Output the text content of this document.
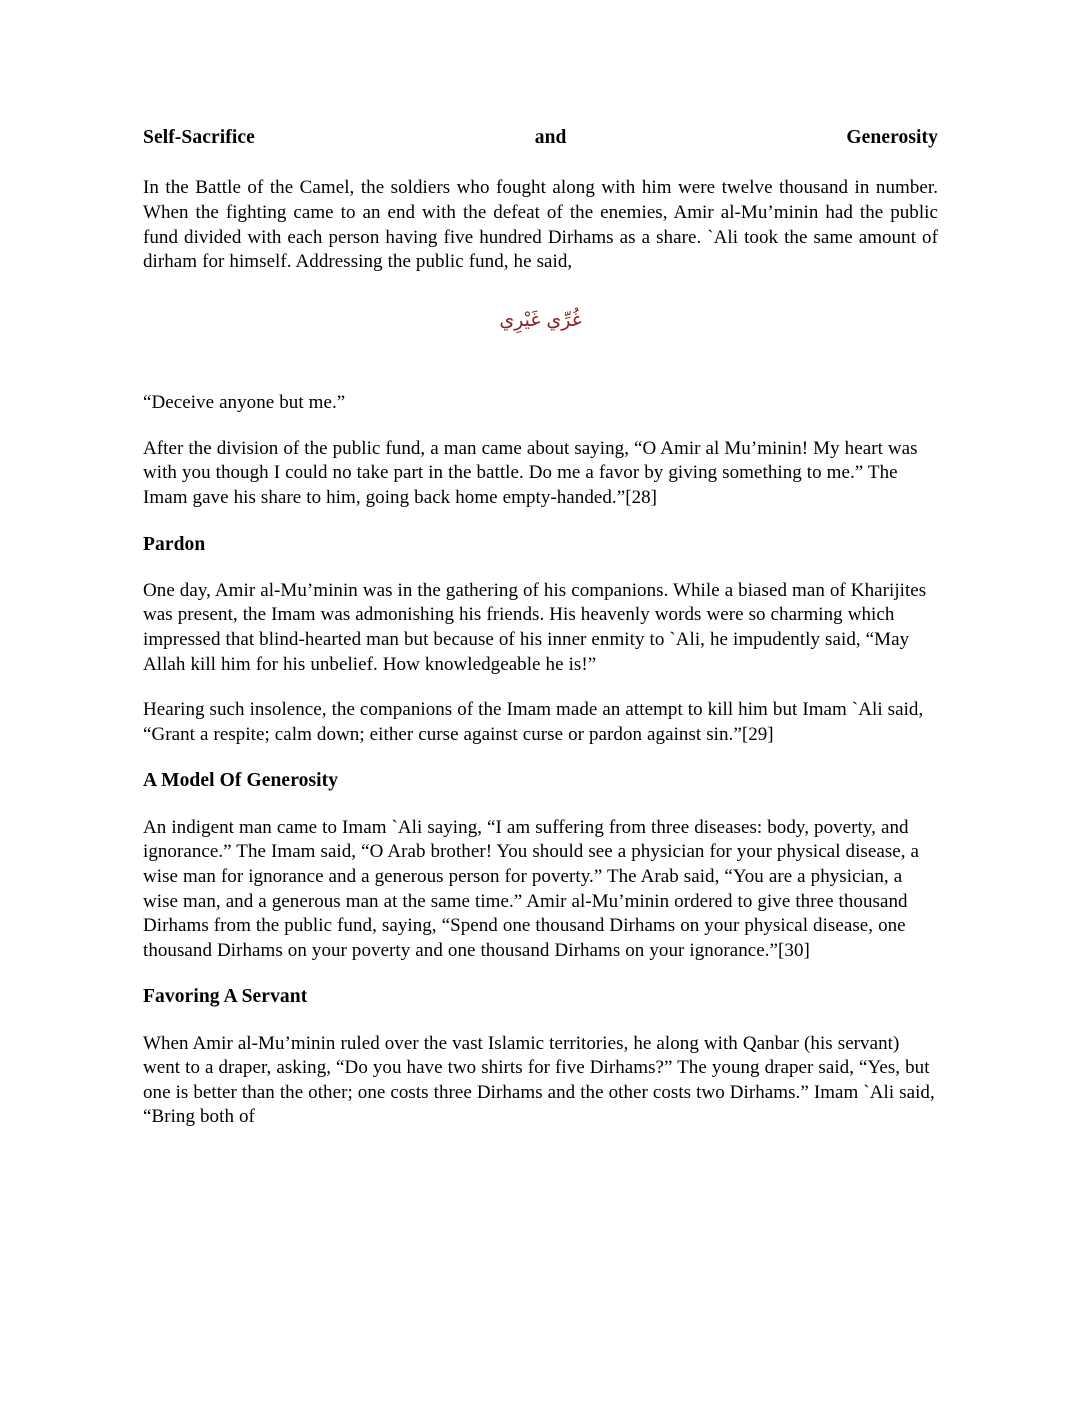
Self-Sacrifice	and	Generosity

In the Battle of the Camel, the soldiers who fought along with him were twelve thousand in number. When the fighting came to an end with the defeat of the enemies, Amir al-Mu’minin had the public fund divided with each person having five hundred Dirhams as a share. `Ali took the same amount of dirham for himself. Addressing the public fund, he said,

غُرِّي غَيْرِي

“Deceive anyone but me.”

After the division of the public fund, a man came about saying, “O Amir al Mu’minin! My heart was with you though I could no take part in the battle. Do me a favor by giving something to me.” The Imam gave his share to him, going back home empty-handed.”[28]

Pardon

One day, Amir al-Mu’minin was in the gathering of his companions. While a biased man of Kharijites was present, the Imam was admonishing his friends. His heavenly words were so charming which impressed that blind-hearted man but because of his inner enmity to `Ali, he impudently said, “May Allah kill him for his unbelief. How knowledgeable he is!”

Hearing such insolence, the companions of the Imam made an attempt to kill him but Imam `Ali said, “Grant a respite; calm down; either curse against curse or pardon against sin.”[29]

A Model Of Generosity

An indigent man came to Imam `Ali saying, “I am suffering from three diseases: body, poverty, and ignorance.” The Imam said, “O Arab brother! You should see a physician for your physical disease, a wise man for ignorance and a generous person for poverty.” The Arab said, “You are a physician, a wise man, and a generous man at the same time.” Amir al-Mu’minin ordered to give three thousand Dirhams from the public fund, saying, “Spend one thousand Dirhams on your physical disease, one thousand Dirhams on your poverty and one thousand Dirhams on your ignorance.”[30]

Favoring A Servant

When Amir al-Mu’minin ruled over the vast Islamic territories, he along with Qanbar (his servant) went to a draper, asking, “Do you have two shirts for five Dirhams?” The young draper said, “Yes, but one is better than the other; one costs three Dirhams and the other costs two Dirhams.” Imam `Ali said, “Bring both of
